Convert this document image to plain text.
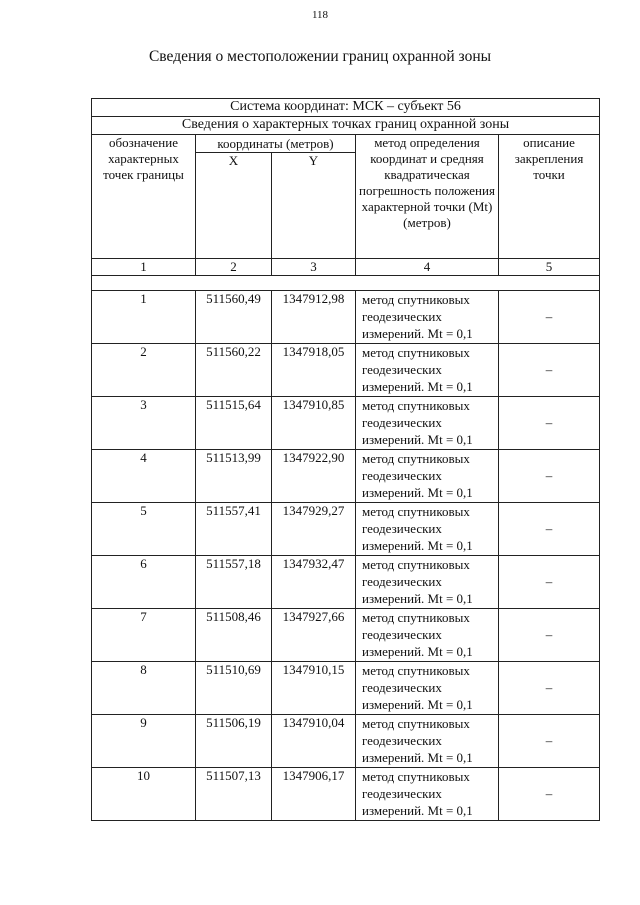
118
Сведения о местоположении границ охранной зоны
Система координат: МСК – субъект 56				
Сведения о характерных точках границ охранной зоны				
обозначение характерных точек границы	координаты (метров)		метод определения координат и средняя квадратическая погрешность положения характерной точки (Mt) (метров)	описание закрепления точки
	X	Y		
1	2	3	4	5

1	511560,49	1347912,98	метод спутниковых геодезических измерений. Mt = 0,1	–
2	511560,22	1347918,05	метод спутниковых геодезических измерений. Mt = 0,1	–
3	511515,64	1347910,85	метод спутниковых геодезических измерений. Mt = 0,1	–
4	511513,99	1347922,90	метод спутниковых геодезических измерений. Mt = 0,1	–
5	511557,41	1347929,27	метод спутниковых геодезических измерений. Mt = 0,1	–
6	511557,18	1347932,47	метод спутниковых геодезических измерений. Mt = 0,1	–
7	511508,46	1347927,66	метод спутниковых геодезических измерений. Mt = 0,1	–
8	511510,69	1347910,15	метод спутниковых геодезических измерений. Mt = 0,1	–
9	511506,19	1347910,04	метод спутниковых геодезических измерений. Mt = 0,1	–
10	511507,13	1347906,17	метод спутниковых геодезических измерений. Mt = 0,1	–
